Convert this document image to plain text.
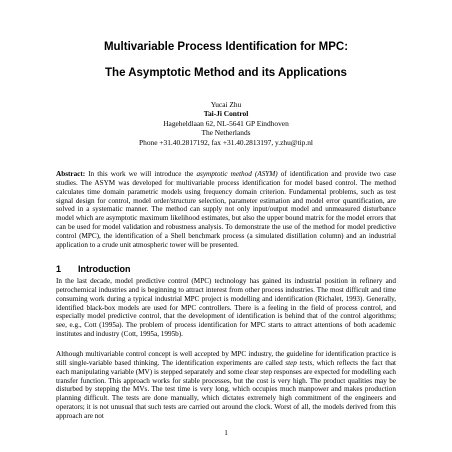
Multivariable Process Identification for MPC:
The Asymptotic Method and its Applications
Yucai Zhu
Tai-Ji Control
Hageheldlaan 62, NL-5641 GP Eindhoven
The Netherlands
Phone +31.40.2817192, fax +31.40.2813197, y.zhu@tip.nl

Abstract: In this work we will introduce the asymptotic method (ASYM) of identification and provide two case studies. The ASYM was developed for multivariable process identification for model based control. The method calculates time domain parametric models using frequency domain criterion. Fundamental problems, such as test signal design for control, model order/structure selection, parameter estimation and model error quantification, are solved in a systematic manner. The method can supply not only input/output model and unmeasured disturbance model which are asymptotic maximum likelihood estimates, but also the upper bound matrix for the model errors that can be used for model validation and robustness analysis. To demonstrate the use of the method for model predictive control (MPC), the identification of a Shell benchmark process (a simulated distillation column) and an industrial application to a crude unit atmospheric tower will be presented.

1 Introduction

In the last decade, model predictive control (MPC) technology has gained its industrial position in refinery and petrochemical industries and is beginning to attract interest from other process industries. The most difficult and time consuming work during a typical industrial MPC project is modelling and identification (Richalet, 1993). Generally, identified black-box models are used for MPC controllers. There is a feeling in the field of process control, and especially model predictive control, that the development of identification is behind that of the control algorithms; see, e.g., Cott (1995a). The problem of process identification for MPC starts to attract attentions of both academic institutes and industry (Cott, 1995a, 1995b).

Although multivariable control concept is well accepted by MPC industry, the guideline for identification practice is still single-variable based thinking. The identification experiments are called step tests, which reflects the fact that each manipulating variable (MV) is stepped separately and some clear step responses are expected for modelling each transfer function. This approach works for stable processes, but the cost is very high. The product qualities may be disturbed by stepping the MVs. The test time is very long, which occupies much manpower and makes production planning difficult. The tests are done manually, which dictates extremely high commitment of the engineers and operators; it is not unusual that such tests are carried out around the clock. Worst of all, the models derived from this approach are not

1
